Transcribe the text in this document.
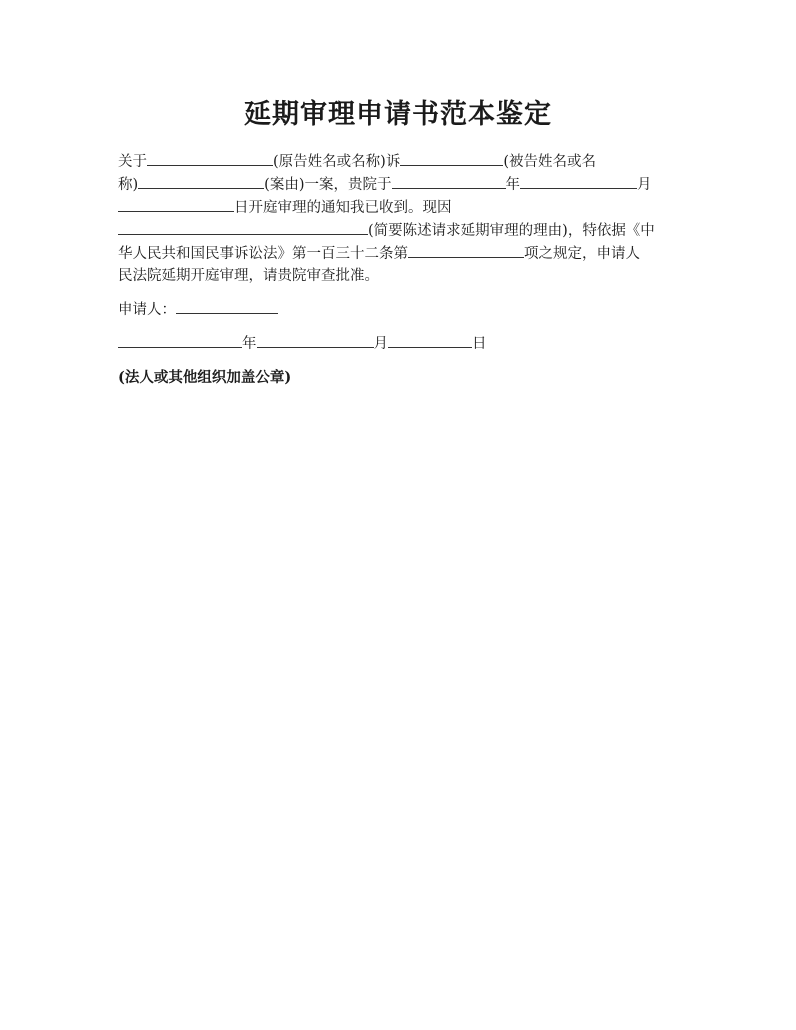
延期审理申请书范本鉴定
关于	(原告姓名或名称)诉	(被告姓名或名
称)	(案由)一案，贵院于	年	月
日开庭审理的通知我已收到。现因
(简要陈述请求延期审理的理由)，特依据《中
华人民共和国民事诉讼法》第一百三十二条第	项之规定，申请人
民法院延期开庭审理，请贵院审查批准。
申请人：
年	月	日
(法人或其他组织加盖公章)
